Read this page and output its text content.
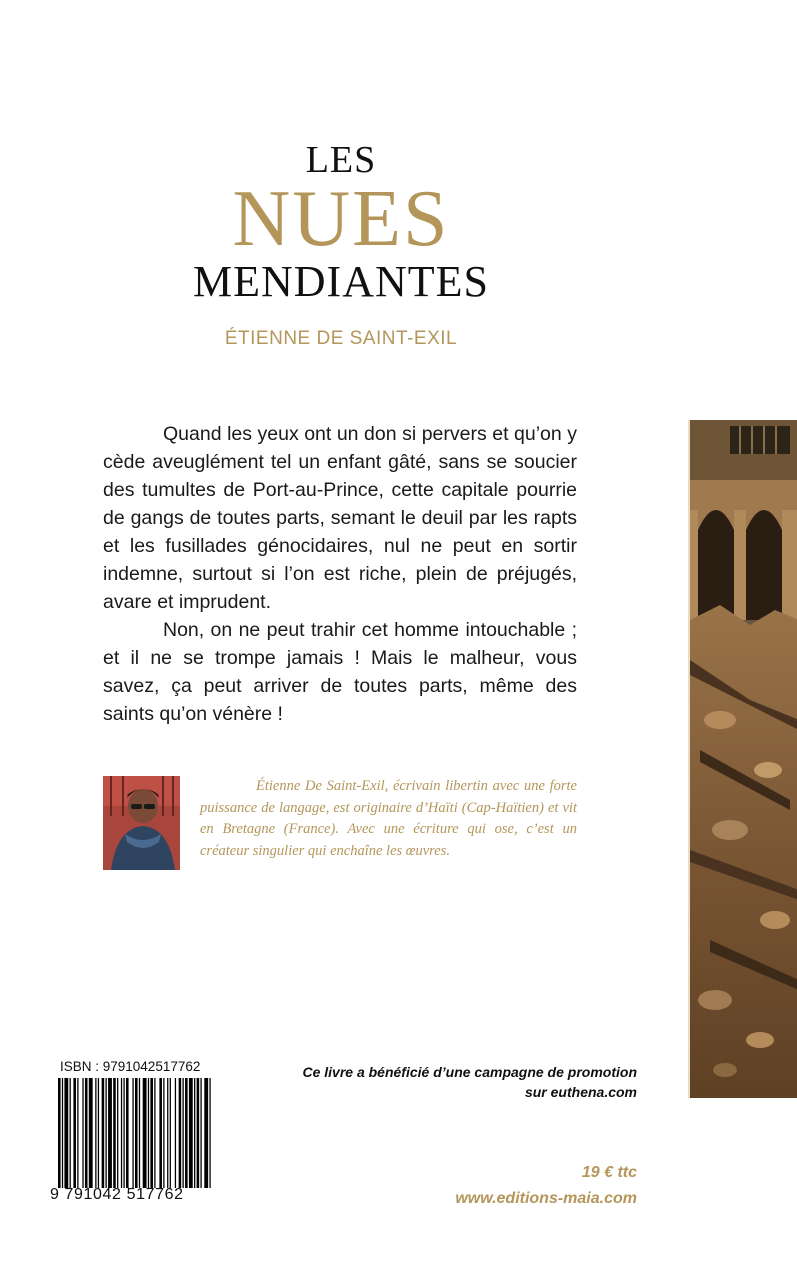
LES
NUES
MENDIANTES
ÉTIENNE DE SAINT-EXIL

Quand les yeux ont un don si pervers et qu’on y cède aveuglément tel un enfant gâté, sans se soucier des tumultes de Port-au-Prince, cette capitale pourrie de gangs de toutes parts, semant le deuil par les rapts et les fusillades génocidaires, nul ne peut en sortir indemne, surtout si l’on est riche, plein de préjugés, avare et imprudent.

Non, on ne peut trahir cet homme intouchable ; et il ne se trompe jamais ! Mais le malheur, vous savez, ça peut arriver de toutes parts, même des saints qu’on vénère !

Étienne De Saint-Exil, écrivain libertin avec une forte puissance de langage, est originaire d’Haïti (Cap-Haïtien) et vit en Bretagne (France). Avec une écriture qui ose, c’est un créateur singulier qui enchaîne les œuvres.

ISBN : 9791042517762
9 791042 517762
Ce livre a bénéficié d’une campagne de promotion
sur euthena.com
19 € ttc
www.editions-maia.com
